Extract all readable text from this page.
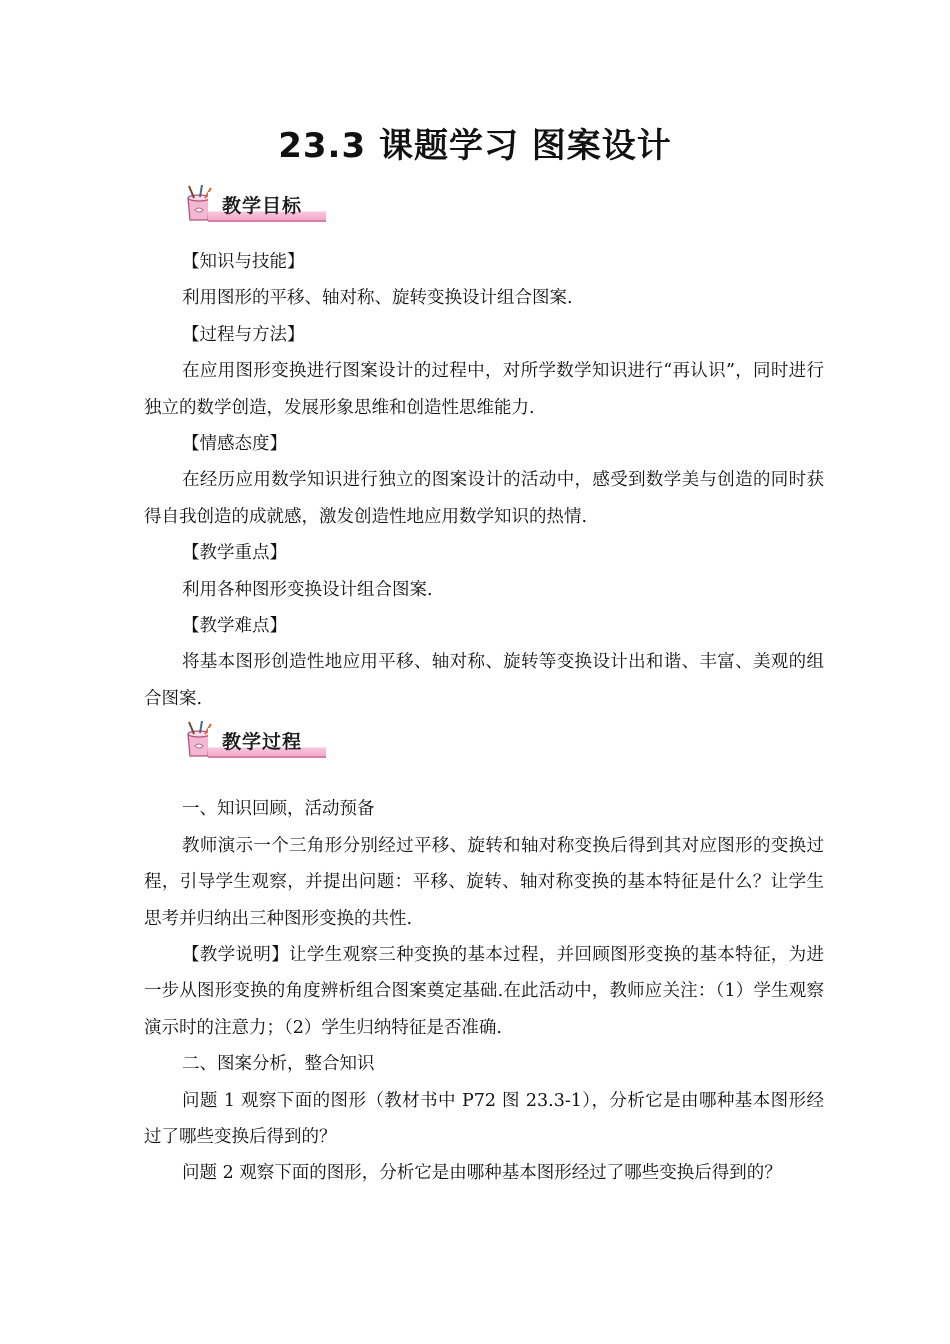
23.3 课题学习 图案设计
教学目标

【知识与技能】

利用图形的平移、轴对称、旋转变换设计组合图案.

【过程与方法】

在应用图形变换进行图案设计的过程中，对所学数学知识进行“再认识”，同时进行独立的数学创造，发展形象思维和创造性思维能力.

【情感态度】

在经历应用数学知识进行独立的图案设计的活动中，感受到数学美与创造的同时获得自我创造的成就感，激发创造性地应用数学知识的热情.

【教学重点】

利用各种图形变换设计组合图案.

【教学难点】

将基本图形创造性地应用平移、轴对称、旋转等变换设计出和谐、丰富、美观的组合图案.

一、知识回顾，活动预备

教师演示一个三角形分别经过平移、旋转和轴对称变换后得到其对应图形的变换过程，引导学生观察，并提出问题：平移、旋转、轴对称变换的基本特征是什么？让学生思考并归纳出三种图形变换的共性.

【教学说明】让学生观察三种变换的基本过程，并回顾图形变换的基本特征，为进一步从图形变换的角度辨析组合图案奠定基础.在此活动中，教师应关注：（1）学生观察演示时的注意力；（2）学生归纳特征是否准确.

二、图案分析，整合知识

问题 1 观察下面的图形（教材书中 P72 图 23.3-1），分析它是由哪种基本图形经过了哪些变换后得到的？

问题 2 观察下面的图形，分析它是由哪种基本图形经过了哪些变换后得到的？

教学过程
